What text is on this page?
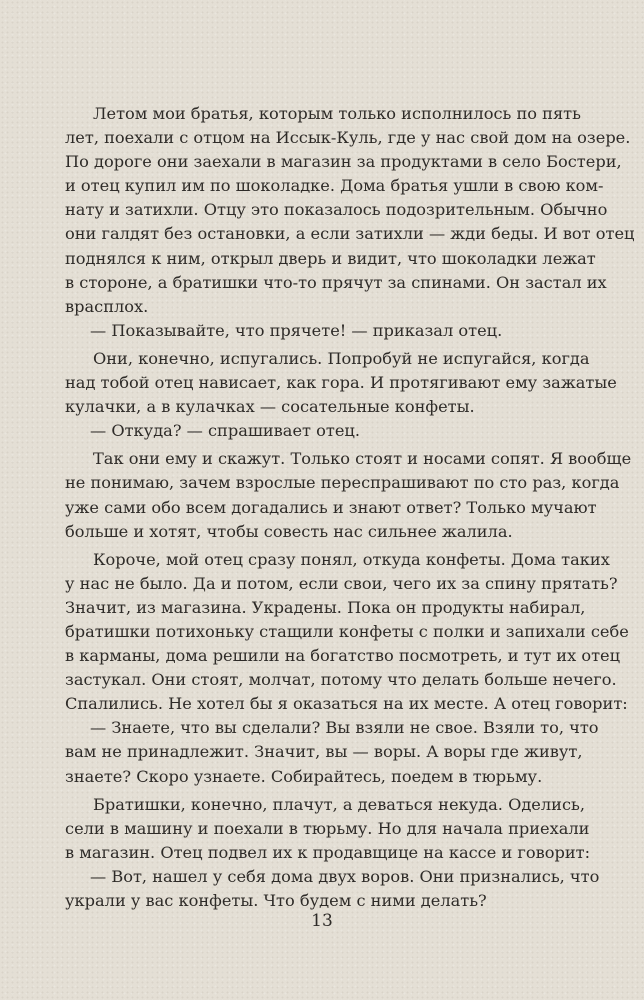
Летом мои братья, которым только исполнилось по пять
лет, поехали с отцом на Иссык-Куль, где у нас свой дом на озере.
По дороге они заехали в магазин за продуктами в село Бостери,
и отец купил им по шоколадке. Дома братья ушли в свою ком-
нату и затихли. Отцу это показалось подозрительным. Обычно
они галдят без остановки, а если затихли — жди беды. И вот отец
поднялся к ним, открыл дверь и видит, что шоколадки лежат
в стороне, а братишки что-то прячут за спинами. Он застал их
врасплох.
— Показывайте, что прячете! — приказал отец.
Они, конечно, испугались. Попробуй не испугайся, когда
над тобой отец нависает, как гора. И протягивают ему зажатые
кулачки, а в кулачках — сосательные конфеты.
— Откуда? — спрашивает отец.
Так они ему и скажут. Только стоят и носами сопят. Я вообще
не понимаю, зачем взрослые переспрашивают по сто раз, когда
уже сами обо всем догадались и знают ответ? Только мучают
больше и хотят, чтобы совесть нас сильнее жалила.
Короче, мой отец сразу понял, откуда конфеты. Дома таких
у нас не было. Да и потом, если свои, чего их за спину прятать?
Значит, из магазина. Украдены. Пока он продукты набирал,
братишки потихоньку стащили конфеты с полки и запихали себе
в карманы, дома решили на богатство посмотреть, и тут их отец
застукал. Они стоят, молчат, потому что делать больше нечего.
Спалились. Не хотел бы я оказаться на их месте. А отец говорит:
— Знаете, что вы сделали? Вы взяли не свое. Взяли то, что
вам не принадлежит. Значит, вы — воры. А воры где живут,
знаете? Скоро узнаете. Собирайтесь, поедем в тюрьму.
Братишки, конечно, плачут, а деваться некуда. Оделись,
сели в машину и поехали в тюрьму. Но для начала приехали
в магазин. Отец подвел их к продавщице на кассе и говорит:
— Вот, нашел у себя дома двух воров. Они признались, что
украли у вас конфеты. Что будем с ними делать?
13
